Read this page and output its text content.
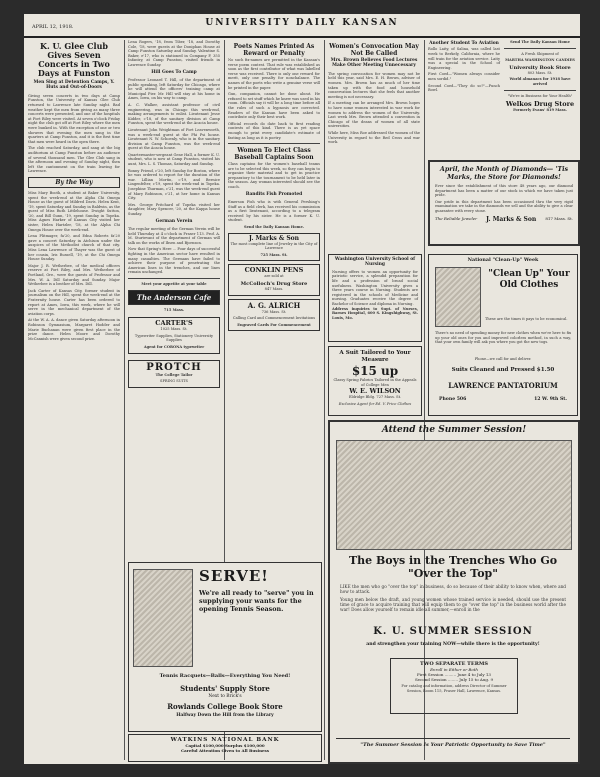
APRIL 12, 1918.	UNIVERSITY DAILY KANSAN
K. U. Glee Club Gives Seven Concerts in Two Days at Funston
Men Sing at Detention Camps, Y. Huts and Out-of-Doors
Giving seven concerts in two days at Camp Funston, the University of Kansas Glee Club returned to Lawrence late Sunday night. Bad weather kept the men from giving as many three concerts were presented, and one of the hospitals at Fort Riley were visited. At seven o'clock Friday night the club got off at Fort Riley where the men were bunked in. With the exception of one or two showers that evening the men sang in the quarters at Camp Funston, and it is the first time that men were heard in the open there.
The club reached Saturday, and sang at the big auditorium at Camp Funston before an audience of several thousand men. The Glee Club sang in the afternoon and evening of Sunday night, then left the cantonment on the train leaving for Lawrence.
By the Way
Miss Mary Booth, a student at Baker University, spent the week-end at the Alpha Chi Omega House as the guest of Mildred Davis. Helen Kent, '19, spent Saturday and Sunday in Baldwin, as the guest of Miss Ruth Littlehouse. Dwight Sutton, '20, and Bill Gunn, '19, spent Sunday in Topeka. Miss Agnes Harker of Kansas City visited her sister, Helen Hartzler, '18, at the Alpha Chi Omega House over the week-end.
Lena Plitmager, fa'20, and Edna Roberts fa'20 gave a concert Saturday in Atchison under the auspices of the Methodist church of that city. Miss Lena Lawrence of Thayer was the guest of her cousin, Iris Russell, '19, at the Chi Omega House Sunday.
Major J. R. Wetherbee, of the medical officers reserve at Fort Riley, and Mrs. Wetherbee of Portland, Ore., were the guests of Professor and Mrs. W. A. Dill Saturday and Sunday. Major Wetherbee is a brother of Mrs. Dill.
Jack Carter of Kansas City, former student in journalism on the Hill, spent the week-end at the Fraternity house. Carter has been ordered to report at Ames, Iowa, this week, where he will serve in the mechanical department of the aviation corps.
At the W. A. A. dance given Saturday afternoon in Robinson Gymnasium, Margaret Hodder and Marie Buchanan were given first place in the prize dance. Helen Moore and Dorothy McCannish were given second prize.
Lena Rogers, '18, from Tiber, '18, and Dorothy Cole, '18, were guests at the Doniphan House at Camp Funston Saturday and Sunday. Valentine S. Baker, e'17, who is stationed in Company F, 355 Infantry, at Camp Funston, visited friends in Lawrence Sunday.
Hill Goes To Camp
Professor Leonard T. Hill, of the department of public speaking, left Saturday for Chicago, where he will attend the officers' training camp at Municipal Pier. Mr. Hill will stay at his home in Ames, Iowa, on his way to camp.
A. C. Walker, assistant professor of civil engineering, was in Chicago this week-end, making arrangements to enlist. Lieutenant Jesse Kidder, c'18, of the sanitary division at Camp Funston, spent the week-end at the Acacia house.
Lieutenant John Weightman of Fort Leavenworth, was a week-end guest at the Phi Psi house. Lieutenant N. W. Schoenly, who is in the sanitary division at Camp Funston, was the week-end guest at the Acacia house.
Quartermaster-sergeant Gene Hall, a former K. U. student, who is now at Camp Funston, visited his aunt, Mrs. L. S. Thomas, Saturday and Sunday.
Bonny Friend, c'20, left Sunday for Boston, where he was ordered to report for the duration of the war. Lillian Mortin, c'19, and Bernice Lingenfelter, c'19, spent the week-end in Topeka. Josephine Thurman, c'21, was the week-end guest of Mary Robinson, c'21, at her home in Kansas City.
Mrs. George Pritchard of Topeka visited her daughter, Mary Spencer, '20, at the Kappa house Sunday.
German Verein
The regular meeting of the German Verein will be held Thursday at 4 o'clock in Fraser 113. Prof. A. M. Sturtevant of the department of German will talk on the works of Ibsen and Bjornson.
Now that Spring's Here ... Four days of successful fighting in the American sector have resulted in many casualties. The Germans have failed to achieve their purpose of penetrating the American lines in the trenches, and our lines remain unchanged.
Meet your appetite at your table
The Anderson Cafe
715 Mass.
CARTER'S
1025 Mass. St.
Typewriter Supplies, Stationery University Supplies
Agent for CORONA typewriter
PROTCH
The College Tailor
SPRING SUITS
SERVE!
We're all ready to "serve" you in supplying your wants for the opening Tennis Season.
Tennis Racquets—Balls—Everything You Need!
Students' Supply Store
Next to Brick's
Rowlands College Book Store
Halfway Down the Hill from the Library
WATKINS NATIONAL BANK
Capital $100,000 Surplus $100,000
Careful Attention Given to All Business
Poets Names Printed As Reward or Penalty
No such fix-names are permitted in the Kansan's verse poem contest. That rule was established as soon as the first contributor of what was labelled verse was received. There is only one reward for merit, only one penalty for nonchalance. The names of the poets who write a genuine verse will be printed in the paper.
Gun, companion, cannot be done about. He refused to set stuff which he knew was used in his room. Officials say it will be a long time before all the rules of such a hypnosis are corrected. Readers of the Kansan have been asked to contribute only their best work.
Official records do date back to first reading contests of this kind. There is as yet space enough to print every candidate's estimate of fasting as long as it is poetry.
Women To Elect Class Baseball Captains Soon
Class captains for the women's baseball teams are to be selected this week, so they can begin to organize their material and to get in practice preparatory to the tournament to be held later in the season. Any woman interested should see the coach.
Bandits Fish Promoted
Emerson Fish who is with General Pershing's Staff as a field clerk, has received his commission as a first lieutenant, according to a telegram received by his sister. He is a former K. U. student.
Send the Daily Kansan Home.
J. Marks & Son
The most complete line of Jewelry in the City of Lawrence
725 Mass. St.
CONKLIN PENS
are sold at
McColloch's Drug Store
847 Mass.
A. G. ALRICH
736 Mass. St.
Calling Card and Commencement Invitations
Engraved Cards For Commencement
Women's Convocation May Not Be Called
Mrs. Brown Believes Food Lectures Make Other Meeting Unnecessary
The spring convocation for women may not be held this year, said Mrs. E. H. Brown, adviser of women. Mrs. Brown has as much of her time taken up with the food and household conservation lectures that she feels that another meeting is not necessary.
If a meeting can be arranged Mrs. Brown hopes to have some women interested in war work for women to address the women of the University. Last week Mrs. Brown attended a convention in Chicago of the deans of women of all state universities.
While here, Miss Roe addressed the women of the University in regard to the Red Cross and war work.
Another Student To Aviation
Rollo Laity, of Salina, was called last week to Berkely, California, where he will train for the aviation service. Laity was a special in the School of Engineering.
First Coed—"Women always consider men sordid."
Second Coed—"They do so?"—Punch Bowl.
Send The Daily Kansan Home
A Fresh Shipment of
MARTHA WASHINGTON CANDIES
University Book Store
803 Mass. St.
World almanacs for 1918 have arrived
"We're in Business for Your Health"
Welkos Drug Store
Formerly Evans' 819 Mass.
April, the Month of Diamonds— 'Tis Marks, the Store for Diamonds!
Ever since the establishment of this store 48 years ago, our diamond department has been a matter of our stock in which we have taken just pride.
Our pride in this department has been occasioned thru the very rigid examination we take in the diamonds we sell and the ability to give a clear guarantee with every stone.
The Reliable Jeweler J. Marks & Son 817 Mass. St.
Washington University School of Nursing
Nursing offers to women an opportunity for patriotic service, a splendid preparation for life and a profession of broad social usefulness. Washington University gives a three years course in Nursing. Students are registered in the schools of Medicine and nursing. Graduates receive the degree of Bachelor of Science and diploma in Nursing.
Address inquiries to Supt. of Nurses, Barnes Hospital, 600 S. Kingshighway, St. Louis, Mo.
A Suit Tailored to Your Measure
$15 up
Classy Spring Fabrics Tailored in the Appeals of College Men
W. E. WILSON
Eldridge Bldg. 727 Mass. St.
Exclusive Agent for Ed. V. Price Clothes
National "Clean-Up" Week
"Clean Up" Your Old Clothes
These are the times it pays to be economical.
There's no need of spending money for new clothes when we're here to fix up your old ones for you and improved colorless method, in such a way, that your own family will ask you where you got the new togs.
Phone—we call for and deliver.
Suits Cleaned and Pressed $1.50
LAWRENCE PANTATORIUM
Phone 506	12 W. 9th St.
Attend the Summer Session!
The Boys in the Trenches Who Go "Over the Top"
LIKE the men who go "over the top" in business, do so because of their ability to know when, where and how to attack.
Young men below the draft, and young women whose trained service is needed, should use the present time of grace to acquire training that will equip them to go "over the top" in the business world after the war! Does allow yourself to remain idle all summer,—enroll in the
K. U. SUMMER SESSION
and strengthen your training NOW—while there is the opportunity!
TWO SEPARATE TERMS
Enroll in Either or Both
First Session ......... June 4 to July 13
Second Session ........ July 15 to Aug. 9
For catalog and information, address Director of Summer Session, Room 115, Fraser Hall, Lawrence, Kansas.
"The Summer Session Is Your Patriotic Opportunity to Save Time"
